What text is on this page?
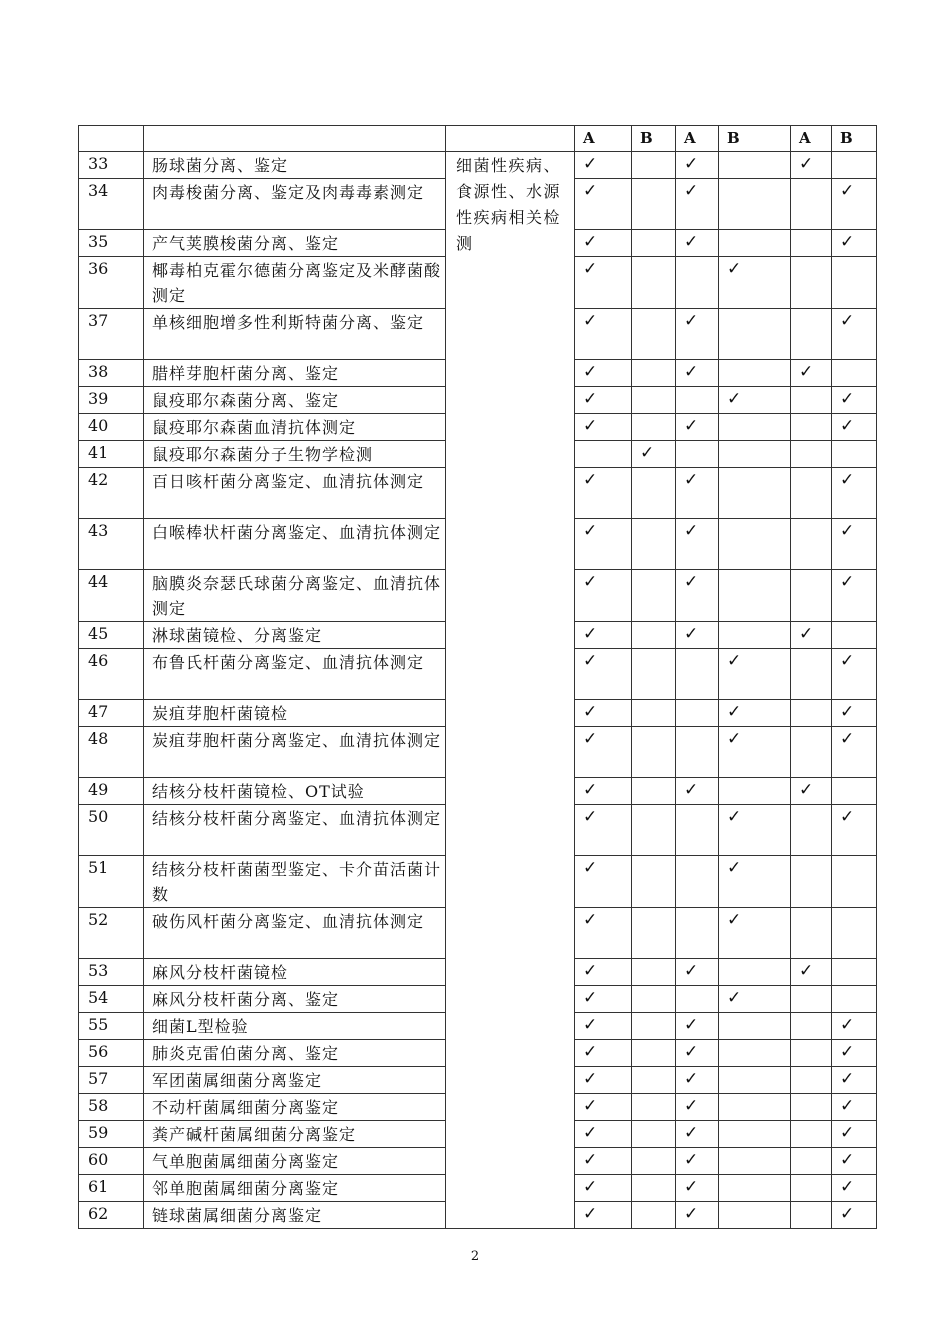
			A	B	A	B	A	B
33	肠球菌分离、鉴定	细菌性疾病、食源性、水源性疾病相关检测	✓		✓		✓	
34	肉毒梭菌分离、鉴定及肉毒毒素测定		✓		✓			✓
35	产气荚膜梭菌分离、鉴定		✓		✓			✓
36	椰毒柏克霍尔德菌分离鉴定及米酵菌酸测定		✓			✓		
37	单核细胞增多性利斯特菌分离、鉴定		✓		✓			✓
38	腊样芽胞杆菌分离、鉴定		✓		✓		✓	
39	鼠疫耶尔森菌分离、鉴定		✓			✓		✓
40	鼠疫耶尔森菌血清抗体测定		✓		✓			✓
41	鼠疫耶尔森菌分子生物学检测			✓				
42	百日咳杆菌分离鉴定、血清抗体测定		✓		✓			✓
43	白喉棒状杆菌分离鉴定、血清抗体测定		✓		✓			✓
44	脑膜炎奈瑟氏球菌分离鉴定、血清抗体测定		✓		✓			✓
45	淋球菌镜检、分离鉴定		✓		✓		✓	
46	布鲁氏杆菌分离鉴定、血清抗体测定		✓			✓		✓
47	炭疽芽胞杆菌镜检		✓			✓		✓
48	炭疽芽胞杆菌分离鉴定、血清抗体测定		✓			✓		✓
49	结核分枝杆菌镜检、OT试验		✓		✓		✓	
50	结核分枝杆菌分离鉴定、血清抗体测定		✓			✓		✓
51	结核分枝杆菌菌型鉴定、卡介苗活菌计数		✓			✓		
52	破伤风杆菌分离鉴定、血清抗体测定		✓			✓		
53	麻风分枝杆菌镜检		✓		✓		✓	
54	麻风分枝杆菌分离、鉴定		✓			✓		
55	细菌L型检验		✓		✓			✓
56	肺炎克雷伯菌分离、鉴定		✓		✓			✓
57	军团菌属细菌分离鉴定		✓		✓			✓
58	不动杆菌属细菌分离鉴定		✓		✓			✓
59	粪产碱杆菌属细菌分离鉴定		✓		✓			✓
60	气单胞菌属细菌分离鉴定		✓		✓			✓
61	邻单胞菌属细菌分离鉴定		✓		✓			✓
62	链球菌属细菌分离鉴定		✓		✓			✓
2
